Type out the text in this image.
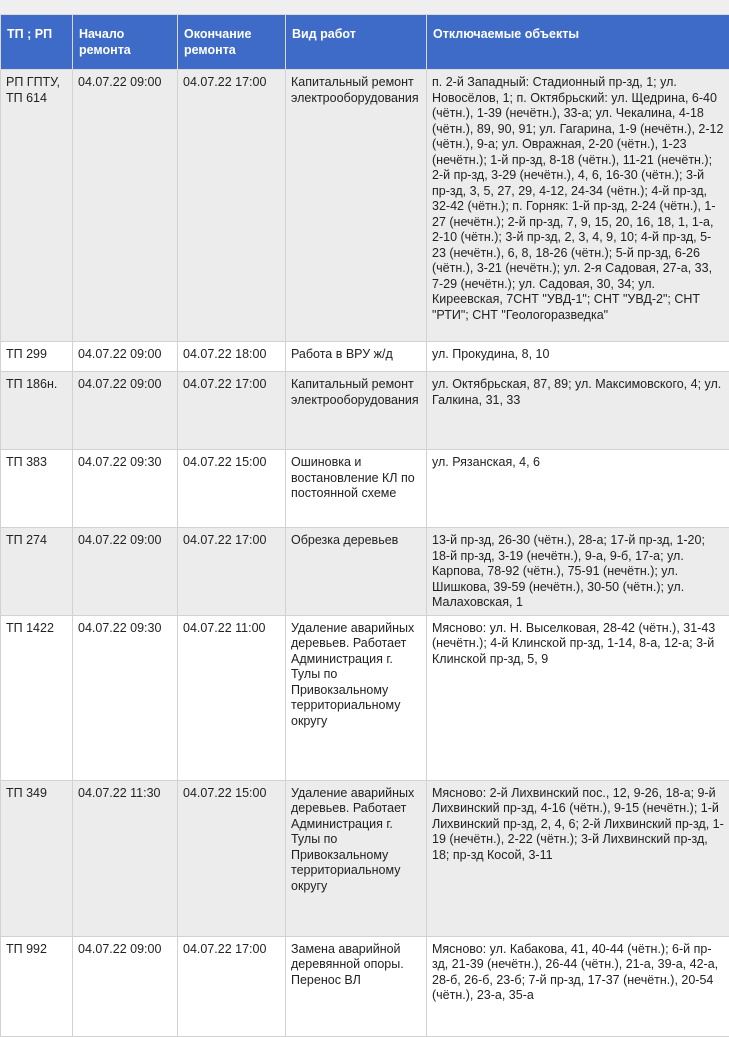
ТП ; РП	Начало ремонта	Окончание ремонта	Вид работ	Отключаемые объекты
РП ГПТУ, ТП 614	04.07.22 09:00	04.07.22 17:00	Капитальный ремонт электрооборудования	п. 2-й Западный: Стадионный пр-зд, 1; ул. Новосёлов, 1; п. Октябрьский: ул. Щедрина, 6-40 (чётн.), 1-39 (нечётн.), 33-а; ул. Чекалина, 4-18 (чётн.), 89, 90, 91; ул. Гагарина, 1-9 (нечётн.), 2-12 (чётн.), 9-а; ул. Овражная, 2-20 (чётн.), 1-23 (нечётн.); 1-й пр-зд, 8-18 (чётн.), 11-21 (нечётн.); 2-й пр-зд, 3-29 (нечётн.), 4, 6, 16-30 (чётн.); 3-й пр-зд, 3, 5, 27, 29, 4-12, 24-34 (чётн.); 4-й пр-зд, 32-42 (чётн.); п. Горняк: 1-й пр-зд, 2-24 (чётн.), 1-27 (нечётн.); 2-й пр-зд, 7, 9, 15, 20, 16, 18, 1, 1-а, 2-10 (чётн.); 3-й пр-зд, 2, 3, 4, 9, 10; 4-й пр-зд, 5-23 (нечётн.), 6, 8, 18-26 (чётн.); 5-й пр-зд, 6-26 (чётн.), 3-21 (нечётн.); ул. 2-я Садовая, 27-а, 33, 7-29 (нечётн.); ул. Садовая, 30, 34; ул. Киреевская, 7СНТ "УВД-1"; СНТ "УВД-2"; СНТ "РТИ"; СНТ "Геологоразведка"
ТП 299	04.07.22 09:00	04.07.22 18:00	Работа в ВРУ ж/д	ул. Прокудина, 8, 10
ТП 186н.	04.07.22 09:00	04.07.22 17:00	Капитальный ремонт электрооборудования	ул. Октябрьская, 87, 89; ул. Максимовского, 4; ул. Галкина, 31, 33
ТП 383	04.07.22 09:30	04.07.22 15:00	Ошиновка и востановление КЛ по постоянной схеме	ул. Рязанская, 4, 6
ТП 274	04.07.22 09:00	04.07.22 17:00	Обрезка деревьев	13-й пр-зд, 26-30 (чётн.), 28-а; 17-й пр-зд, 1-20; 18-й пр-зд, 3-19 (нечётн.), 9-а, 9-б, 17-а; ул. Карпова, 78-92 (чётн.), 75-91 (нечётн.); ул. Шишкова, 39-59 (нечётн.), 30-50 (чётн.); ул. Малаховская, 1
ТП 1422	04.07.22 09:30	04.07.22 11:00	Удаление аварийных деревьев. Работает Администрация г. Тулы по Привокзальному территориальному округу	Мясново: ул. Н. Выселковая, 28-42 (чётн.), 31-43 (нечётн.); 4-й Клинской пр-зд, 1-14, 8-а, 12-а; 3-й Клинской пр-зд, 5, 9
ТП 349	04.07.22 11:30	04.07.22 15:00	Удаление аварийных деревьев. Работает Администрация г. Тулы по Привокзальному территориальному округу	Мясново: 2-й Лихвинский пос., 12, 9-26, 18-а; 9-й Лихвинский пр-зд, 4-16 (чётн.), 9-15 (нечётн.); 1-й Лихвинский пр-зд, 2, 4, 6; 2-й Лихвинский пр-зд, 1-19 (нечётн.), 2-22 (чётн.); 3-й Лихвинский пр-зд, 18; пр-зд Косой, 3-11
ТП 992	04.07.22 09:00	04.07.22 17:00	Замена аварийной деревянной опоры. Перенос ВЛ	Мясново: ул. Кабакова, 41, 40-44 (чётн.); 6-й пр-зд, 21-39 (нечётн.), 26-44 (чётн.), 21-а, 39-а, 42-а, 28-б, 26-б, 23-б; 7-й пр-зд, 17-37 (нечётн.), 20-54 (чётн.), 23-а, 35-а
